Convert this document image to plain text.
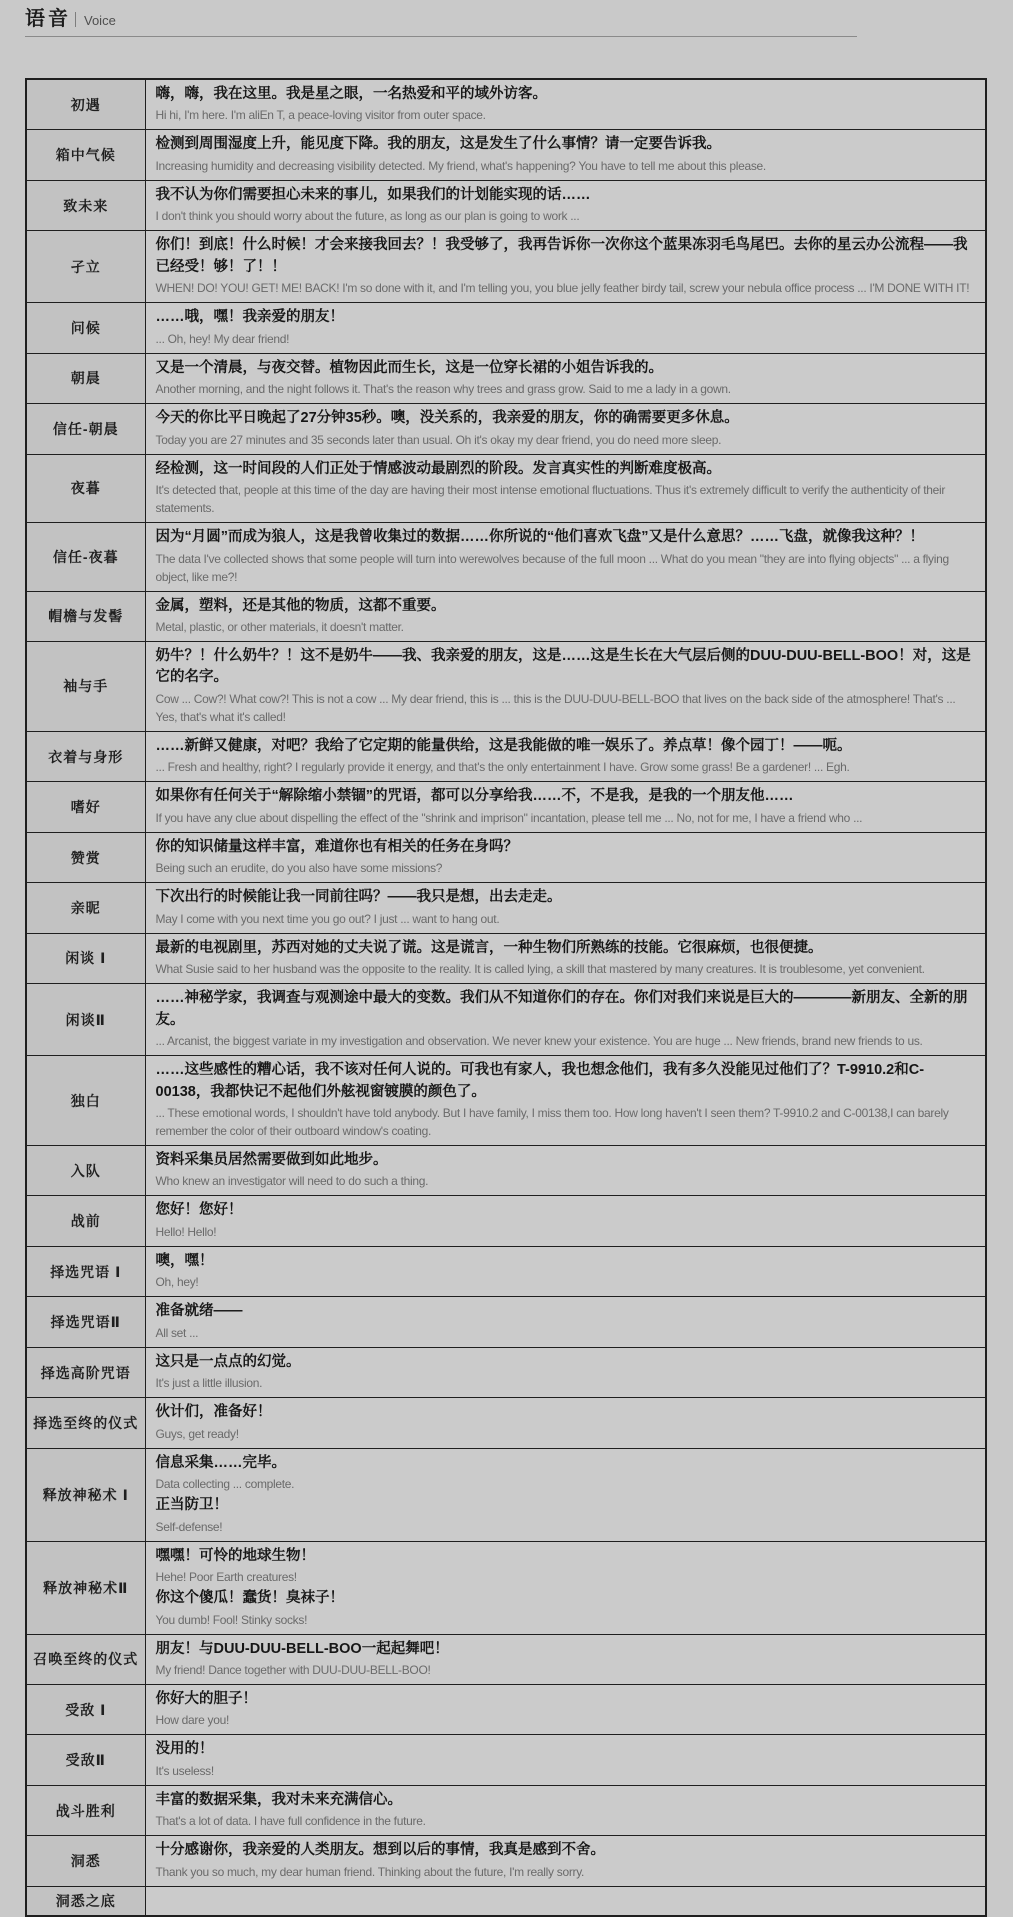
语音 Voice
初遇	嗨，嗨，我在这里。我是星之眼，一名热爱和平的域外访客。
Hi hi, I'm here. I'm aliEn T, a peace-loving visitor from outer space.

箱中气候	检测到周围湿度上升，能见度下降。我的朋友，这是发生了什么事情？请一定要告诉我。
Increasing humidity and decreasing visibility detected. My friend, what's happening? You have to tell me about this please.

致未来	我不认为你们需要担心未来的事儿，如果我们的计划能实现的话……
I don't think you should worry about the future, as long as our plan is going to work ...

孑立	你们！到底！什么时候！才会来接我回去？！我受够了，我再告诉你一次你这个蓝果冻羽毛鸟尾巴。去你的星云办公流程——我已经受！够！了！！
WHEN! DO! YOU! GET! ME! BACK! I'm so done with it, and I'm telling you, you blue jelly feather birdy tail, screw your nebula office process ... I'M DONE WITH IT!

问候	……哦，嘿！我亲爱的朋友！
... Oh, hey! My dear friend!

朝晨	又是一个清晨，与夜交替。植物因此而生长，这是一位穿长裙的小姐告诉我的。
Another morning, and the night follows it. That's the reason why trees and grass grow. Said to me a lady in a gown.

信任-朝晨	今天的你比平日晚起了27分钟35秒。噢，没关系的，我亲爱的朋友，你的确需要更多休息。
Today you are 27 minutes and 35 seconds later than usual. Oh it's okay my dear friend, you do need more sleep.

夜暮	经检测，这一时间段的人们正处于情感波动最剧烈的阶段。发言真实性的判断难度极高。
It's detected that, people at this time of the day are having their most intense emotional fluctuations. Thus it's extremely difficult to verify the authenticity of their statements.

信任-夜暮	因为“月圆”而成为狼人，这是我曾收集过的数据……你所说的“他们喜欢飞盘”又是什么意思？……飞盘，就像我这种？！
The data I've collected shows that some people will turn into werewolves because of the full moon ... What do you mean "they are into flying objects" ... a flying object, like me?!

帽檐与发髻	金属，塑料，还是其他的物质，这都不重要。
Metal, plastic, or other materials, it doesn't matter.

袖与手	奶牛？！什么奶牛？！这不是奶牛——我、我亲爱的朋友，这是……这是生长在大气层后侧的DUU-DUU-BELL-BOO！对，这是它的名字。
Cow ... Cow?! What cow?! This is not a cow ... My dear friend, this is ... this is the DUU-DUU-BELL-BOO that lives on the back side of the atmosphere! That's ... Yes, that's what it's called!

衣着与身形	……新鲜又健康，对吧？我给了它定期的能量供给，这是我能做的唯一娱乐了。养点草！像个园丁！——呃。
... Fresh and healthy, right? I regularly provide it energy, and that's the only entertainment I have. Grow some grass! Be a gardener! ... Egh.

嗜好	如果你有任何关于“解除缩小禁锢”的咒语，都可以分享给我……不，不是我，是我的一个朋友他……
If you have any clue about dispelling the effect of the "shrink and imprison" incantation, please tell me ... No, not for me, I have a friend who ...

赞赏	你的知识储量这样丰富，难道你也有相关的任务在身吗？
Being such an erudite, do you also have some missions?

亲昵	下次出行的时候能让我一同前往吗？——我只是想，出去走走。
May I come with you next time you go out? I just ... want to hang out.

闲谈 Ⅰ	最新的电视剧里，苏西对她的丈夫说了谎。这是谎言，一种生物们所熟练的技能。它很麻烦，也很便捷。
What Susie said to her husband was the opposite to the reality. It is called lying, a skill that mastered by many creatures. It is troublesome, yet convenient.

闲谈Ⅱ	……神秘学家，我调查与观测途中最大的变数。我们从不知道你们的存在。你们对我们来说是巨大的————新朋友、全新的朋友。
... Arcanist, the biggest variate in my investigation and observation. We never knew your existence. You are huge ... New friends, brand new friends to us.

独白	……这些感性的糟心话，我不该对任何人说的。可我也有家人，我也想念他们，我有多久没能见过他们了？T-9910.2和C-00138，我都快记不起他们外舷视窗镀膜的颜色了。
... These emotional words, I shouldn't have told anybody. But I have family, I miss them too. How long haven't I seen them? T-9910.2 and C-00138,I can barely remember the color of their outboard window's coating.

入队	资料采集员居然需要做到如此地步。
Who knew an investigator will need to do such a thing.

战前	您好！您好！
Hello! Hello!

择选咒语 Ⅰ	噢，嘿！
Oh, hey!

择选咒语Ⅱ	准备就绪——
All set ...

择选高阶咒语	这只是一点点的幻觉。
It's just a little illusion.

择选至终的仪式	伙计们，准备好！
Guys, get ready!

释放神秘术 Ⅰ	信息采集……完毕。
Data collecting ... complete.
正当防卫！
Self-defense!

释放神秘术Ⅱ	嘿嘿！可怜的地球生物！
Hehe! Poor Earth creatures!
你这个傻瓜！蠢货！臭袜子！
You dumb! Fool! Stinky socks!

召唤至终的仪式	朋友！与DUU-DUU-BELL-BOO一起起舞吧！
My friend! Dance together with DUU-DUU-BELL-BOO!

受敌 Ⅰ	你好大的胆子！
How dare you!

受敌Ⅱ	没用的！
It's useless!

战斗胜利	丰富的数据采集，我对未来充满信心。
That's a lot of data. I have full confidence in the future.

洞悉	十分感谢你，我亲爱的人类朋友。想到以后的事情，我真是感到不舍。
Thank you so much, my dear human friend. Thinking about the future, I'm really sorry.

洞悉之底	
